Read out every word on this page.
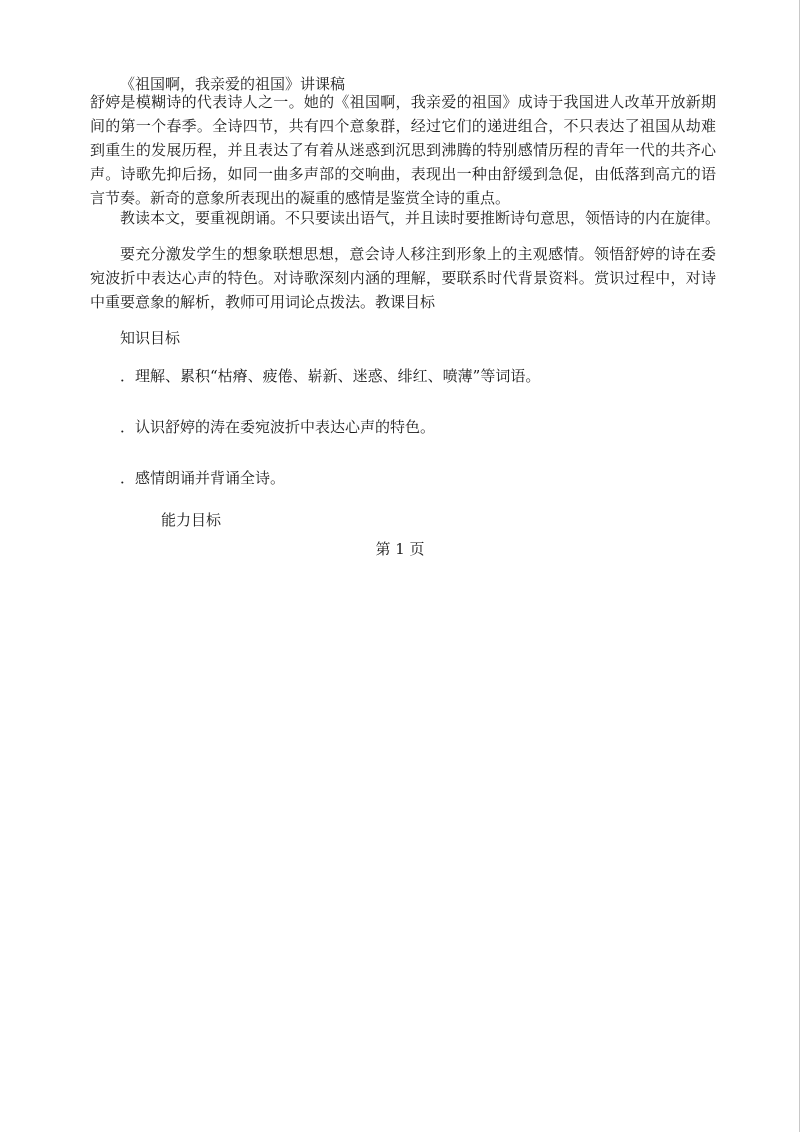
《祖国啊，我亲爱的祖国》讲课稿
舒婷是模糊诗的代表诗人之一。她的《祖国啊，我亲爱的祖国》成诗于我国进人改革开放新期间的第一个春季。全诗四节，共有四个意象群，经过它们的递进组合，不只表达了祖国从劫难到重生的发展历程，并且表达了有着从迷惑到沉思到沸腾的特别感情历程的青年一代的共齐心声。诗歌先抑后扬，如同一曲多声部的交响曲，表现出一种由舒缓到急促，由低落到高亢的语言节奏。新奇的意象所表现出的凝重的感情是鉴赏全诗的重点。
教读本文，要重视朗诵。不只要读出语气，并且读时要推断诗句意思，领悟诗的内在旋律。
要充分激发学生的想象联想思想，意会诗人移注到形象上的主观感情。领悟舒婷的诗在委宛波折中表达心声的特色。对诗歌深刻内涵的理解，要联系时代背景资料。赏识过程中，对诗中重要意象的解析，教师可用词论点拨法。教课目标
知识目标
．理解、累积“枯瘠、疲倦、崭新、迷惑、绯红、喷薄”等词语。
．认识舒婷的涛在委宛波折中表达心声的特色。
．感情朗诵并背诵全诗。
能力目标
第 1 页
